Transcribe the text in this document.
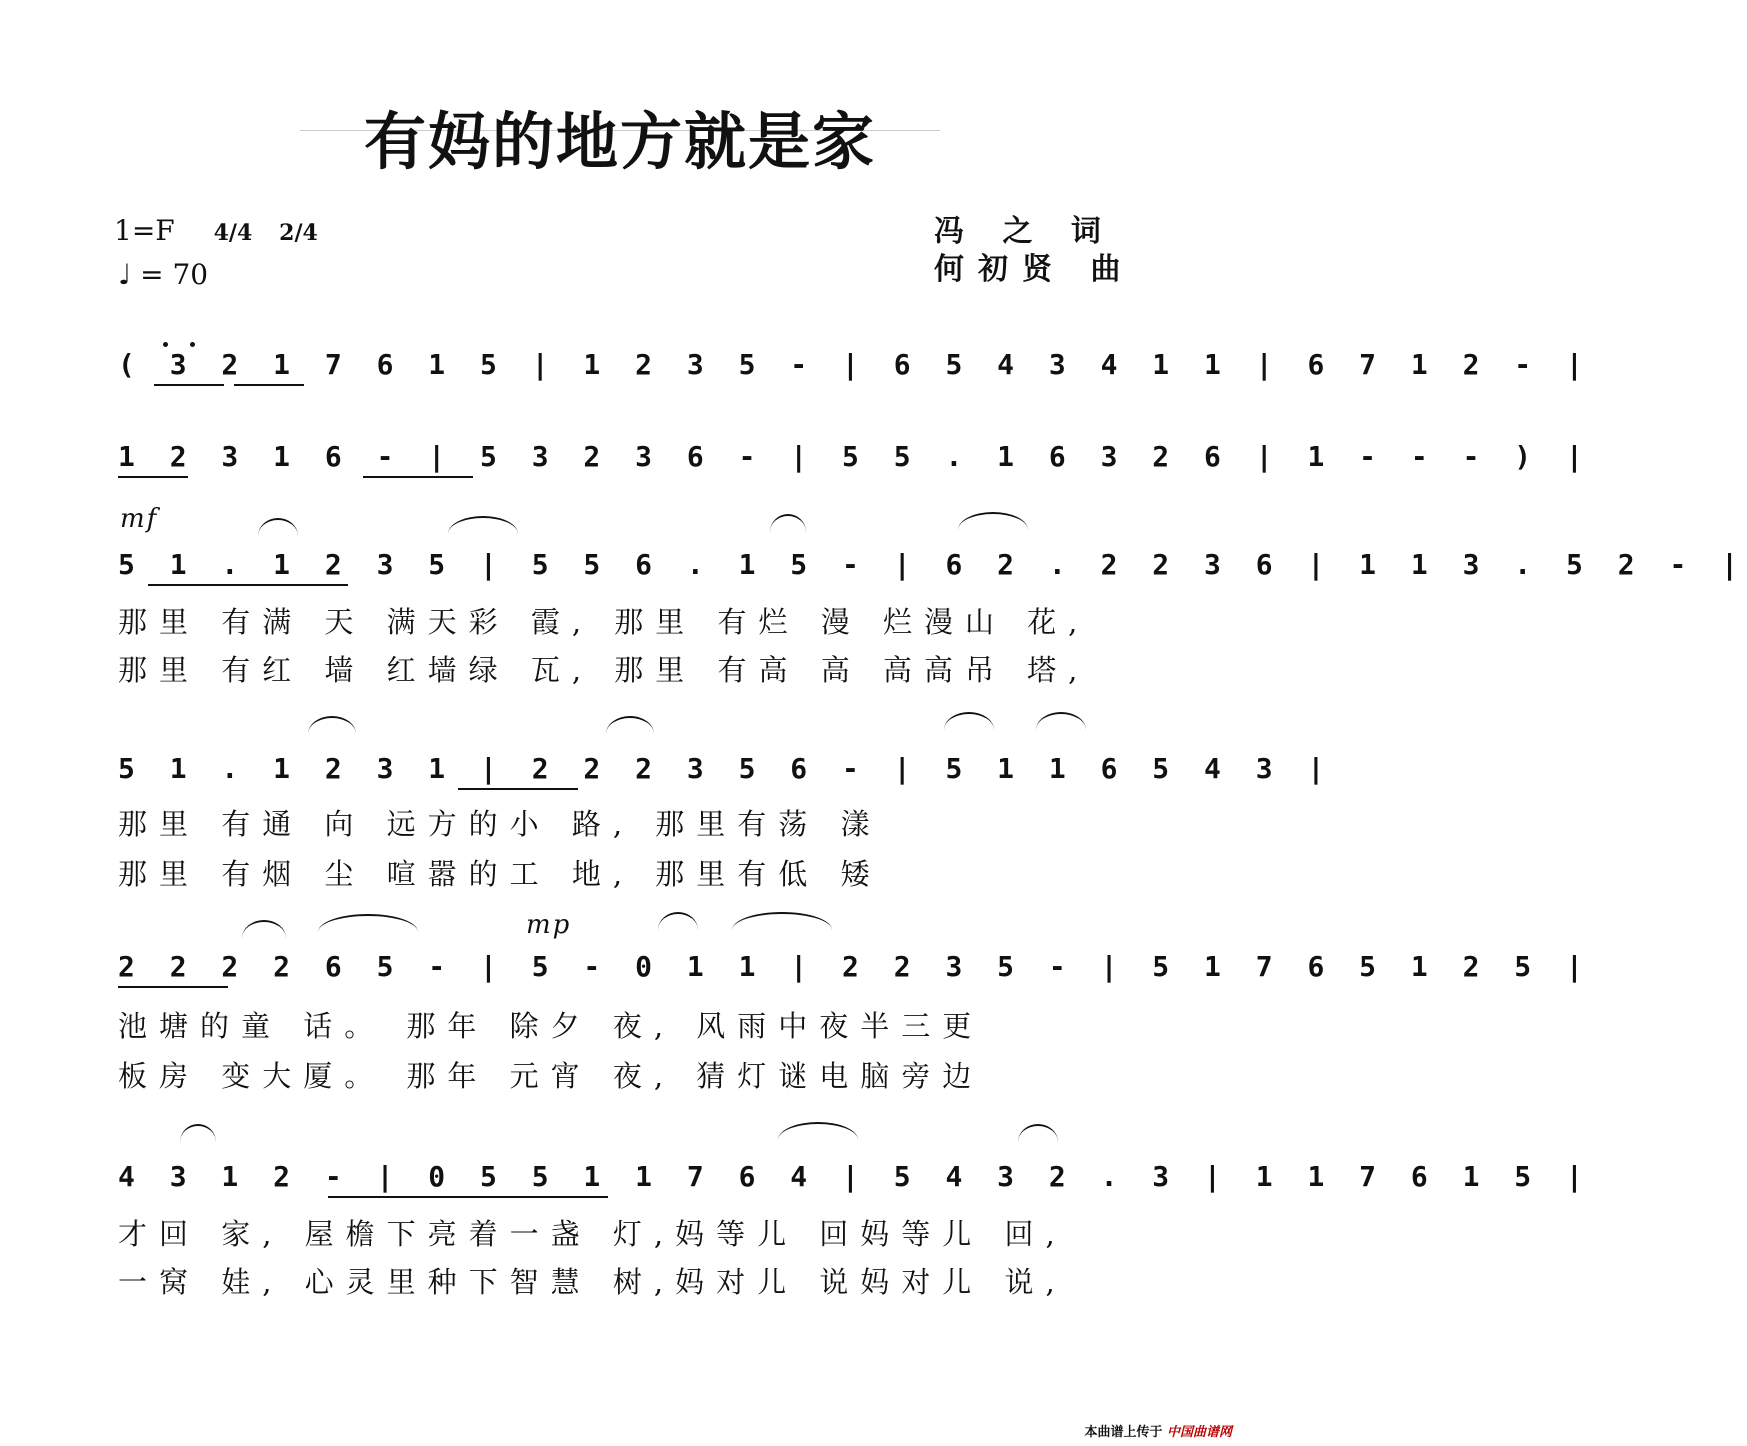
有妈的地方就是家
1=F 4/4 2/4
♩ = 70
冯 之 词
何初贤 曲
( 3 2 1 7 6 1 5 | 1 2 3 5 - | 6 5 4 3 4 1 1 | 6 7 1 2 - |
1 2 3 1 6 - | 5 3 2 3 6 - | 5 5 . 1 6 3 2 6 | 1 - - - ) |
mf
5 1 . 1 2 3 5 | 5 5 6 . 1 5 - | 6 2 . 2 2 3 6 | 1 1 3 . 5 2 - |
那里 有满 天 满天彩 霞, 那里 有烂 漫 烂漫山 花,
那里 有红 墙 红墙绿 瓦, 那里 有高 高 高高吊 塔,
5 1 . 1 2 3 1 | 2 2 2 3 5 6 - | 5 1 1 6 5 4 3 |
那里 有通 向 远方的小 路, 那里有荡 漾
那里 有烟 尘 喧嚣的工 地, 那里有低 矮
mp
2 2 2 2 6 5 - | 5 - 0 1 1 | 2 2 3 5 - | 5 1 7 6 5 1 2 5 |
池塘的童 话。 那年 除夕 夜, 风雨中夜半三更
板房 变大厦。 那年 元宵 夜, 猜灯谜电脑旁边
4 3 1 2 - | 0 5 5 1 1 7 6 4 | 5 4 3 2 . 3 | 1 1 7 6 1 5 |
才回 家, 屋檐下亮着一盏 灯,妈等儿 回妈等儿 回,
一窝 娃, 心灵里种下智慧 树,妈对儿 说妈对儿 说,
本曲谱上传于 中国曲谱网
